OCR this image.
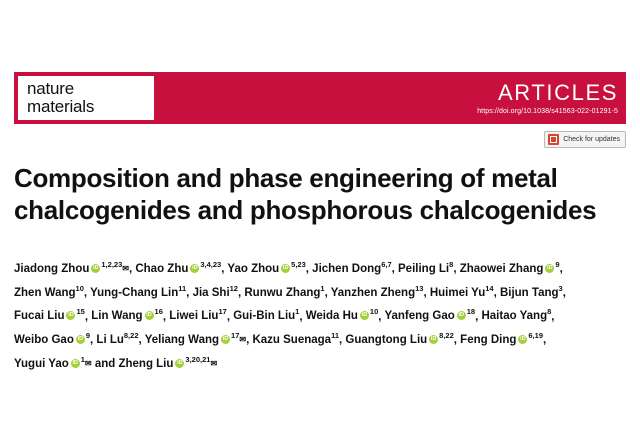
nature
materials
ARTICLES
https://doi.org/10.1038/s41563-022-01291-5
Check for updates
Composition and phase engineering of metal chalcogenides and phosphorous chalcogenides
Jiadong Zhou iD $^{1,2,23}$✉, Chao Zhu iD $^{3,4,23}$, Yao Zhou iD $^{5,23}$, Jichen Dong$^{6,7}$, Peiling Li$^8$, Zhaowei Zhang iD $^9$, Zhen Wang$^{10}$, Yung-Chang Lin$^{11}$, Jia Shi$^{12}$, Runwu Zhang$^1$, Yanzhen Zheng$^{13}$, Huimei Yu$^{14}$, Bijun Tang$^3$, Fucai Liu iD $^{15}$, Lin Wang iD $^{16}$, Liwei Liu$^{17}$, Gui-Bin Liu$^1$, Weida Hu iD $^{10}$, Yanfeng Gao iD $^{18}$, Haitao Yang$^8$, Weibo Gao iD $^9$, Li Lu$^{8,22}$, Yeliang Wang iD $^{17}$✉, Kazu Suenaga$^{11}$, Guangtong Liu iD $^{8,22}$, Feng Ding iD $^{6,19}$, Yugui Yao iD $^1$✉ and Zheng Liu iD $^{3,20,21}$✉
